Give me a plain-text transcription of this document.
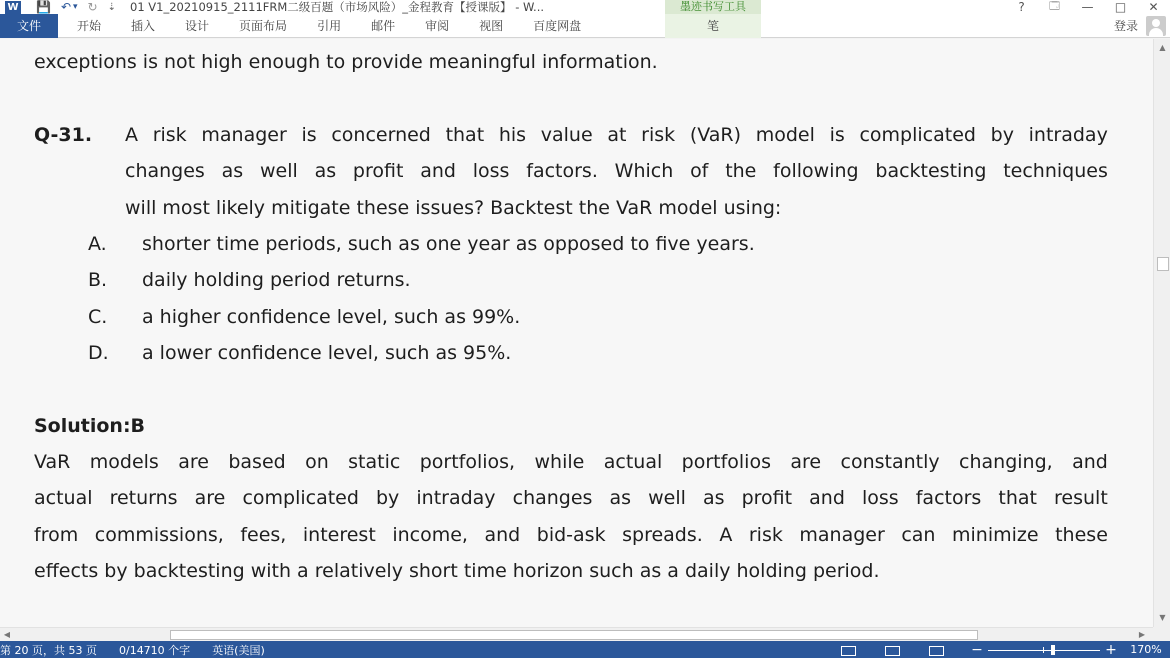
W 💾 ↶ ▾ ↻ ⇣ 01 V1_20210915_2111FRM二级百题（市场风险）_金程教育【授课版】 - W...	墨迹书写工具	?	🗔	—	□	✕
文件	开始	插入	设计	页面布局	引用	邮件	审阅	视图	百度网盘	笔	登录
exceptions is not high enough to provide meaningful information.
Q-31. A risk manager is concerned that his value at risk (VaR) model is complicated by intraday
changes as well as profit and loss factors. Which of the following backtesting techniques
will most likely mitigate these issues? Backtest the VaR model using:
A. shorter time periods, such as one year as opposed to five years.
B. daily holding period returns.
C. a higher confidence level, such as 99%.
D. a lower confidence level, such as 95%.
Solution:B
VaR models are based on static portfolios, while actual portfolios are constantly changing, and
actual returns are complicated by intraday changes as well as profit and loss factors that result
from commissions, fees, interest income, and bid-ask spreads. A risk manager can minimize these
effects by backtesting with a relatively short time horizon such as a daily holding period.
▲
▼
◀	▶
第 20 页，共 53 页 0/14710 个字 英语(美国)	−	+	170%
